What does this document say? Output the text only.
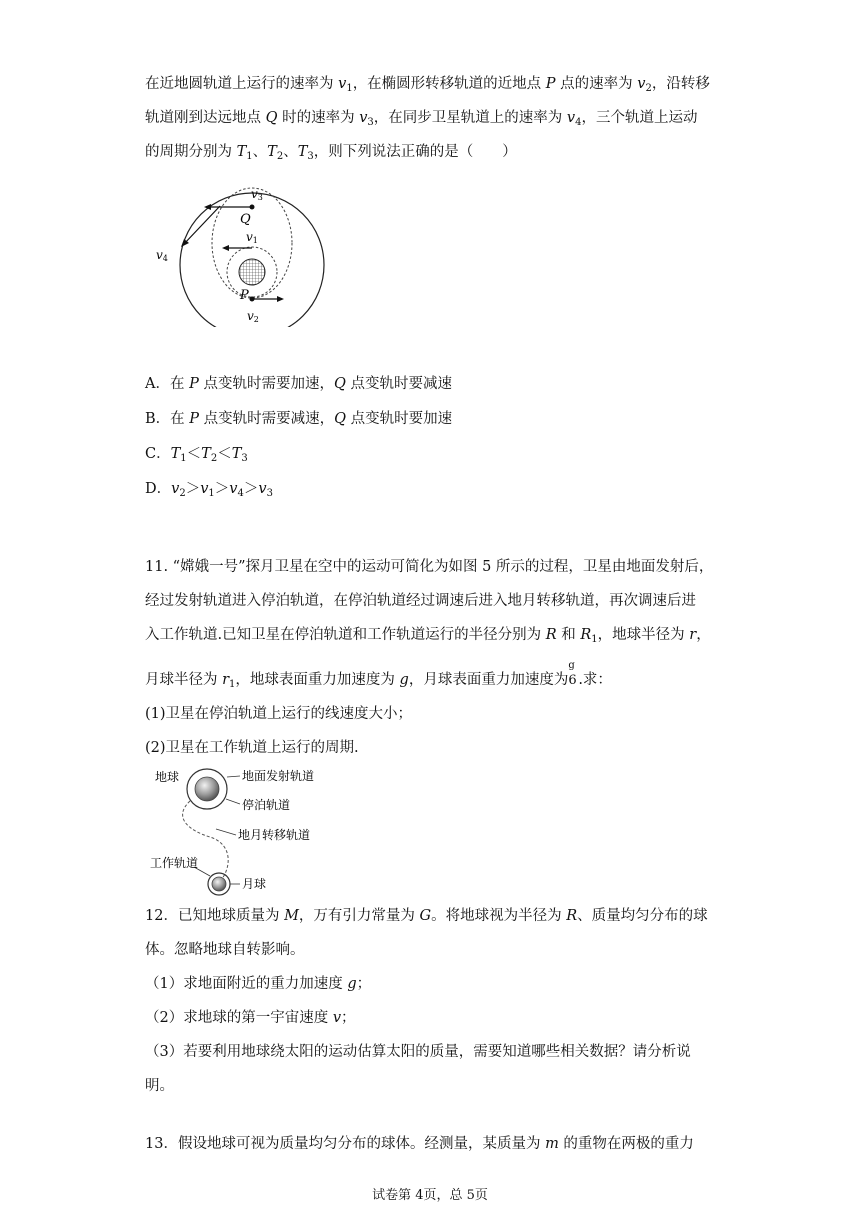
在近地圆轨道上运行的速率为 $v_1$，在椭圆形转移轨道的近地点 P 点的速率为 $v_2$，沿转移
轨道刚到达远地点 Q 时的速率为 $v_3$，在同步卫星轨道上的速率为 $v_4$，三个轨道上运动
的周期分别为 $T_1$、$T_2$、$T_3$，则下列说法正确的是（　　）
v3
Q
v1
v4
P
v2
A．在 P 点变轨时需要加速，Q 点变轨时要减速
B．在 P 点变轨时需要减速，Q 点变轨时要加速
C．$T_1<T_2<T_3$
D．$v_2>v_1>v_4>v_3$
11. “嫦娥一号”探月卫星在空中的运动可简化为如图 5 所示的过程，卫星由地面发射后，
经过发射轨道进入停泊轨道，在停泊轨道经过调速后进入地月转移轨道，再次调速后进
入工作轨道.已知卫星在停泊轨道和工作轨道运行的半径分别为 R 和 $R_1$，地球半径为 r，
月球半径为 $r_1$，地球表面重力加速度为 g，月球表面重力加速度为
g
6 .求：
(1)卫星在停泊轨道上运行的线速度大小；
(2)卫星在工作轨道上运行的周期.
地球	地面发射轨道
停泊轨道
地月转移轨道
工作轨道
月球
12．已知地球质量为 M，万有引力常量为 G。将地球视为半径为 R、质量均匀分布的球
体。忽略地球自转影响。
（1）求地面附近的重力加速度 g；
（2）求地球的第一宇宙速度 v；
（3）若要利用地球绕太阳的运动估算太阳的质量，需要知道哪些相关数据？请分析说
明。
13．假设地球可视为质量均匀分布的球体。经测量，某质量为 m 的重物在两极的重力
试卷第 4页，总 5页
